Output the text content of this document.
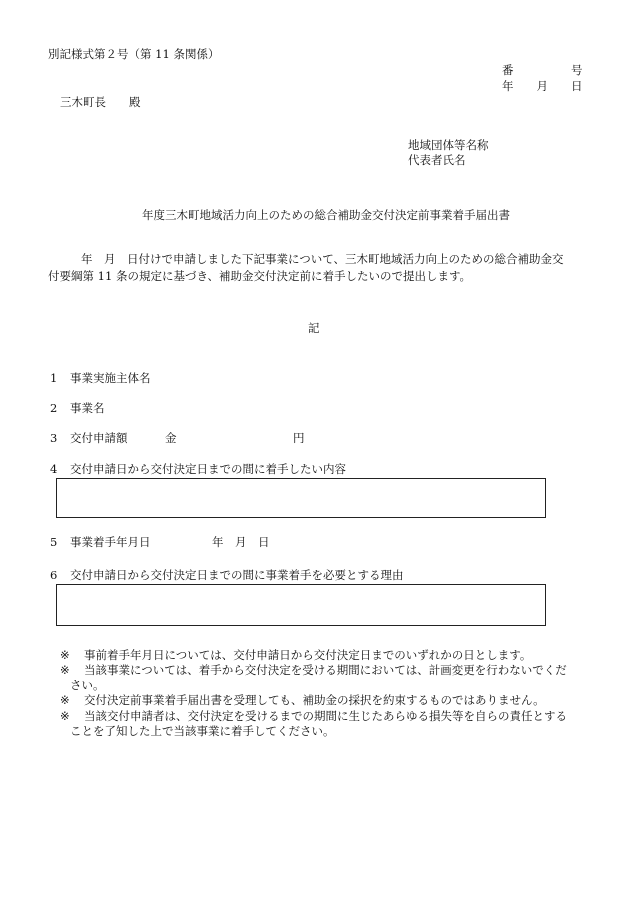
別記様式第２号（第 11 条関係）
番　　　　　号
年　　月　　日
三木町長　　殿
地域団体等名称
代表者氏名
年度三木町地域活力向上のための総合補助金交付決定前事業着手届出書
年　月　日付けで申請しました下記事業について、三木町地域活力向上のための総合補助金交
付要綱第 11 条の規定に基づき、補助金交付決定前に着手したいので提出します。
記
1 事業実施主体名
2 事業名
3 交付申請額	金	円
4 交付申請日から交付決定日までの間に着手したい内容
5 事業着手年月日	年　月　日
6 交付申請日から交付決定日までの間に事業着手を必要とする理由
※ 事前着手年月日については、交付申請日から交付決定日までのいずれかの日とします。
※ 当該事業については、着手から交付決定を受ける期間においては、計画変更を行わないでくだ
さい。
※ 交付決定前事業着手届出書を受理しても、補助金の採択を約束するものではありません。
※ 当該交付申請者は、交付決定を受けるまでの期間に生じたあらゆる損失等を自らの責任とする
ことを了知した上で当該事業に着手してください。
